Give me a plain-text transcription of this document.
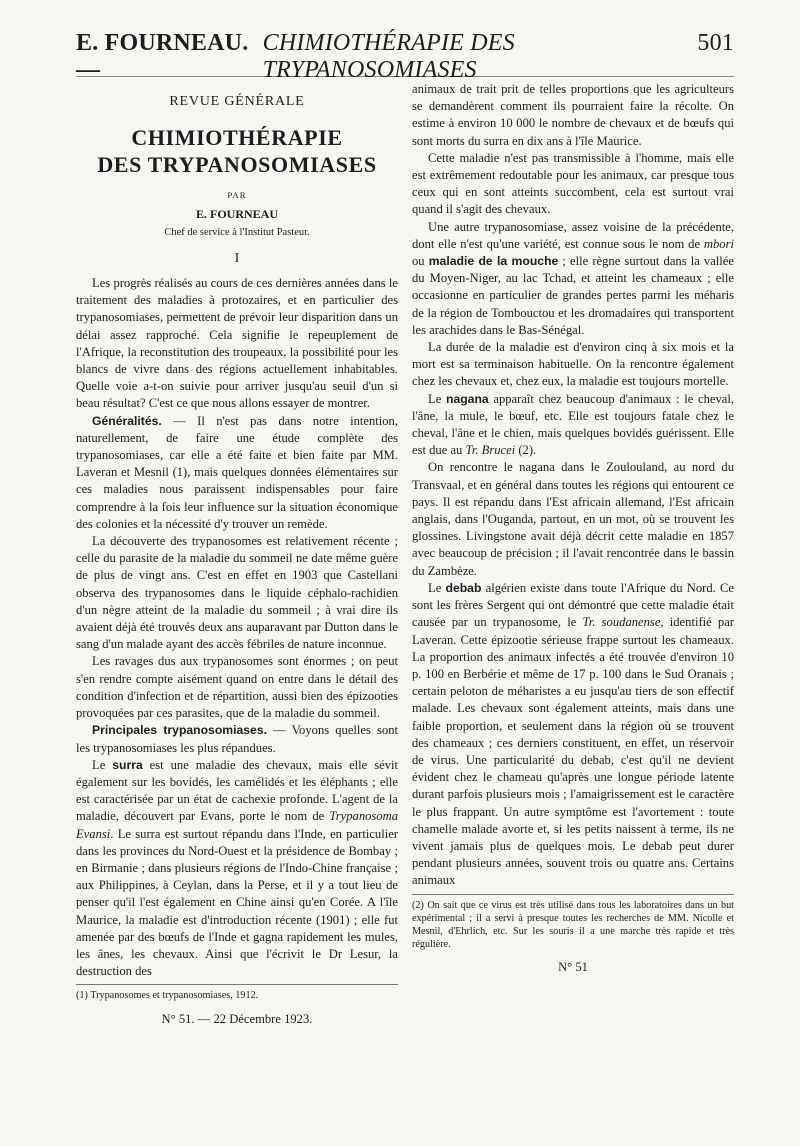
E. FOURNEAU. —
CHIMIOTHÉRAPIE DES TRYPANOSOMIASES
501
REVUE GÉNÉRALE
CHIMIOTHÉRAPIE
DES TRYPANOSOMIASES
PAR
E. FOURNEAU
Chef de service à l'Institut Pasteur.
I

Les progrès réalisés au cours de ces dernières années dans le traitement des maladies à protozaires, et en particulier des trypanosomiases, permettent de prévoir leur disparition dans un délai assez rapproché. Cela signifie le repeuplement de l'Afrique, la reconstitution des troupeaux, la possibilité pour les blancs de vivre dans des régions actuellement inhabitables. Quelle voie a-t-on suivie pour arriver jusqu'au seuil d'un si beau résultat? C'est ce que nous allons essayer de montrer.

Généralités. — Il n'est pas dans notre intention, naturellement, de faire une étude complète des trypanosomiases, car elle a été faite et bien faite par MM. Laveran et Mesnil (1), mais quelques données élémentaires sur ces maladies nous paraissent indispensables pour faire comprendre à la fois leur influence sur la situation économique des colonies et la nécessité d'y trouver un remède.

La découverte des trypanosomes est relativement récente ; celle du parasite de la maladie du sommeil ne date même guère de plus de vingt ans. C'est en effet en 1903 que Castellani observa des trypanosomes dans le liquide céphalo-rachidien d'un nègre atteint de la maladie du sommeil ; à vrai dire ils avaient déjà été trouvés deux ans auparavant par Dutton dans le sang d'un malade ayant des accès fébriles de nature inconnue.

Les ravages dus aux trypanosomes sont énormes ; on peut s'en rendre compte aisément quand on entre dans le détail des condition d'infection et de répartition, aussi bien des épizooties provoquées par ces parasites, que de la maladie du sommeil.

Principales trypanosomiases. — Voyons quelles sont les trypanosomiases les plus répandues.

Le surra est une maladie des chevaux, mais elle sévit également sur les bovidés, les camélidés et les éléphants ; elle est caractérisée par un état de cachexie profonde. L'agent de la maladie, découvert par Evans, porte le nom de Trypanosoma Evansi. Le surra est surtout répandu dans l'Inde, en particulier dans les provinces du Nord-Ouest et la présidence de Bombay ; en Birmanie ; dans plusieurs régions de l'Indo-Chine française ; aux Philippines, à Ceylan, dans la Perse, et il y a tout lieu de penser qu'il l'est également en Chine ainsi qu'en Corée. A l'île Maurice, la maladie est d'introduction récente (1901) ; elle fut amenée par des bœufs de l'Inde et gagna rapidement les mules, les ânes, les chevaux. Ainsi que l'écrivit le Dr Lesur, la destruction des

(1) Trypanosomes et trypanosomiases, 1912.
N° 51. — 22 Décembre 1923.

animaux de trait prit de telles proportions que les agriculteurs se demandèrent comment ils pourraient faire la récolte. On estime à environ 10 000 le nombre de chevaux et de bœufs qui sont morts du surra en dix ans à l'île Maurice.

Cette maladie n'est pas transmissible à l'homme, mais elle est extrêmement redoutable pour les animaux, car presque tous ceux qui en sont atteints succombent, cela est surtout vrai quand il s'agit des chevaux.

Une autre trypanosomiase, assez voisine de la précédente, dont elle n'est qu'une variété, est connue sous le nom de mbori ou maladie de la mouche ; elle règne surtout dans la vallée du Moyen-Niger, au lac Tchad, et atteint les chameaux ; elle occasionne en particulier de grandes pertes parmi les méharis de la région de Tombouctou et les dromadaires qui transportent les arachides dans le Bas-Sénégal.

La durée de la maladie est d'environ cinq à six mois et la mort est sa terminaison habituelle. On la rencontre également chez les chevaux et, chez eux, la maladie est toujours mortelle.

Le nagana apparaît chez beaucoup d'animaux : le cheval, l'âne, la mule, le bœuf, etc. Elle est toujours fatale chez le cheval, l'âne et le chien, mais quelques bovidés guérissent. Elle est due au Tr. Brucei (2).

On rencontre le nagana dans le Zoulouland, au nord du Transvaal, et en général dans toutes les régions qui entourent ce pays. Il est répandu dans l'Est africain allemand, l'Est africain anglais, dans l'Ouganda, partout, en un mot, où se trouvent les glossines. Livingstone avait déjà décrit cette maladie en 1857 avec beaucoup de précision ; il l'avait rencontrée dans le bassin du Zambèze.

Le debab algérien existe dans toute l'Afrique du Nord. Ce sont les frères Sergent qui ont démontré que cette maladie était causée par un trypanosome, le Tr. soudanense, identifié par Laveran. Cette épizootie sérieuse frappe surtout les chameaux. La proportion des animaux infectés a été trouvée d'environ 10 p. 100 en Berbérie et même de 17 p. 100 dans le Sud Oranais ; certain peloton de méharistes a eu jusqu'au tiers de son effectif malade. Les chevaux sont également atteints, mais dans une faible proportion, et seulement dans la région où se trouvent des chameaux ; ces derniers constituent, en effet, un réservoir de virus. Une particularité du debab, c'est qu'il ne devient évident chez le chameau qu'après une longue période latente durant parfois plusieurs mois ; l'amaigrissement est le caractère le plus frappant. Un autre symptôme est l'avortement : toute chamelle malade avorte et, si les petits naissent à terme, ils ne vivent jamais plus de quelques mois. Le debab peut durer pendant plusieurs années, souvent trois ou quatre ans. Certains animaux

(2) On sait que ce virus est très utilisé dans tous les laboratoires dans un but expérimental ; il a servi à presque toutes les recherches de MM. Nicolle et Mesnil, d'Ehrlich, etc. Sur les souris il a une marche très rapide et très régulière.
N° 51
